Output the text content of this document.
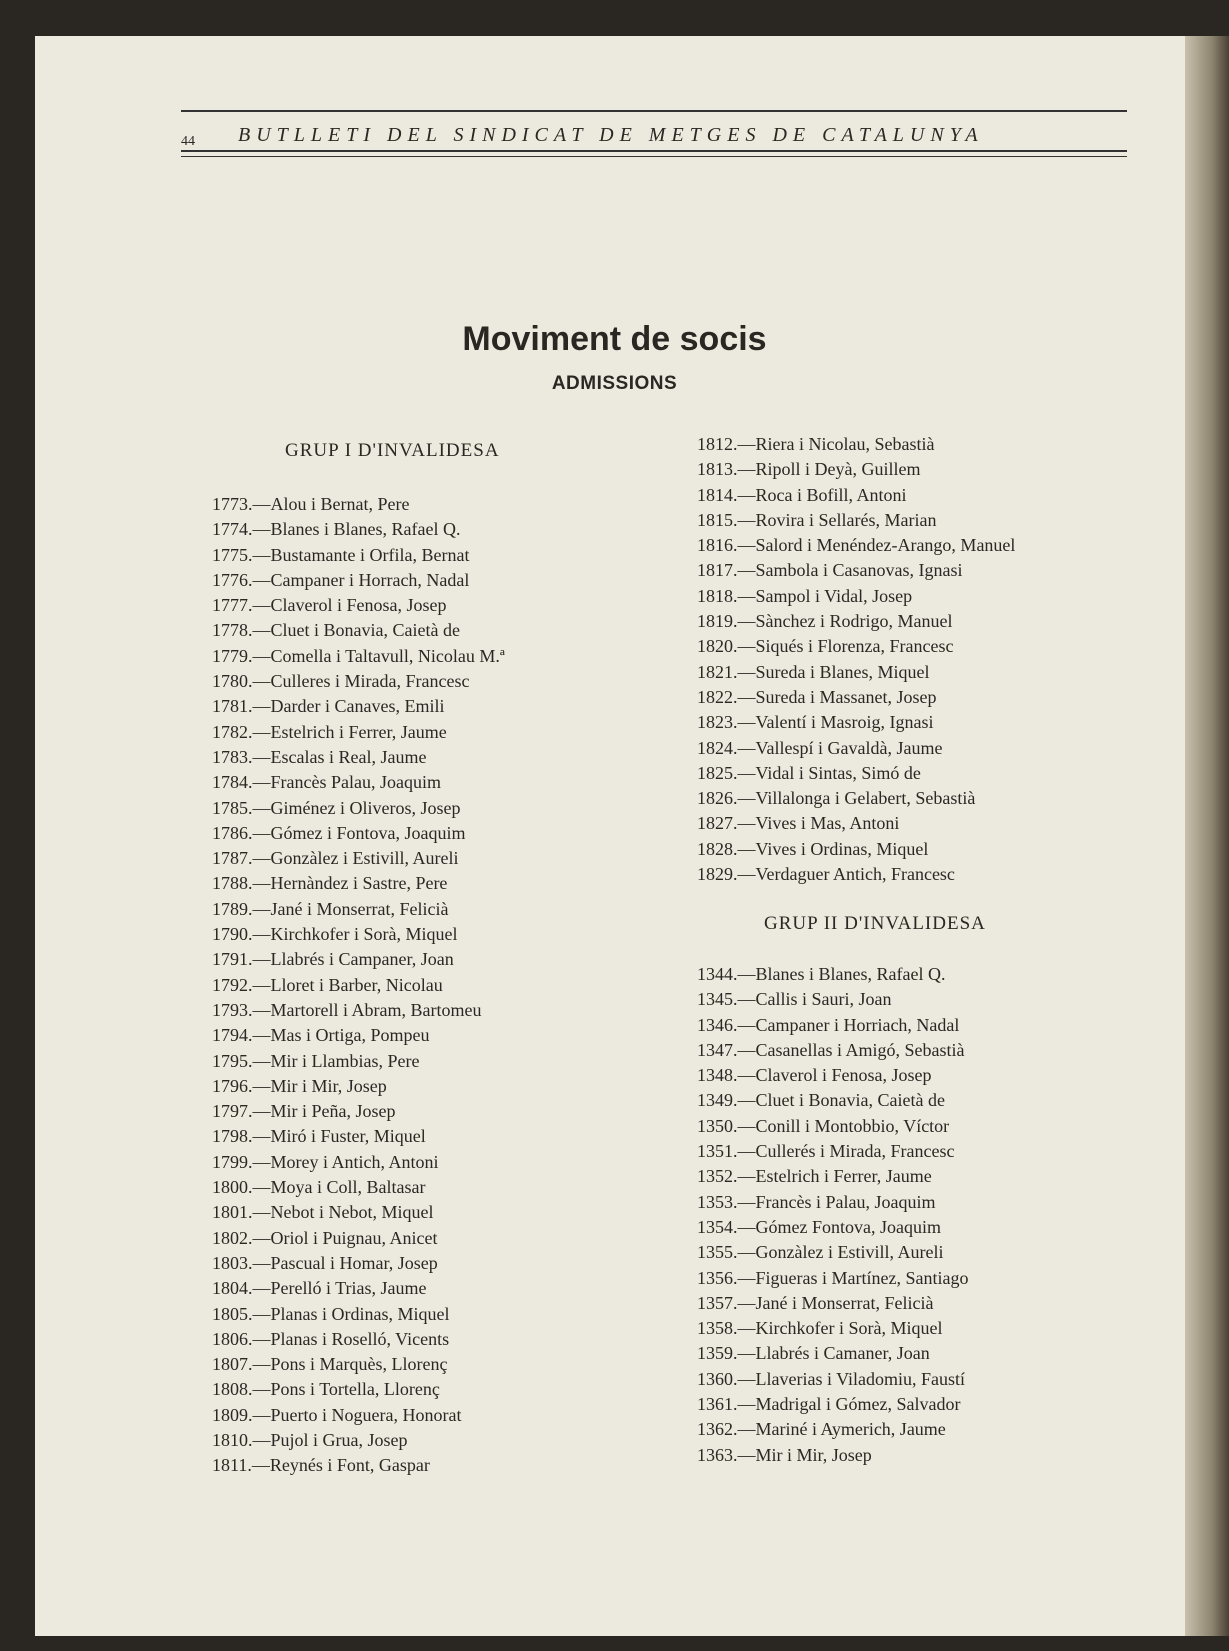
44 BUTLLETI DEL SINDICAT DE METGES DE CATALUNYA
Moviment de socis
ADMISSIONS
GRUP I D'INVALIDESA
1773.—Alou i Bernat, Pere
1774.—Blanes i Blanes, Rafael Q.
1775.—Bustamante i Orfila, Bernat
1776.—Campaner i Horrach, Nadal
1777.—Claverol i Fenosa, Josep
1778.—Cluet i Bonavia, Caietà de
1779.—Comella i Taltavull, Nicolau M.ª
1780.—Culleres i Mirada, Francesc
1781.—Darder i Canaves, Emili
1782.—Estelrich i Ferrer, Jaume
1783.—Escalas i Real, Jaume
1784.—Francès Palau, Joaquim
1785.—Giménez i Oliveros, Josep
1786.—Gómez i Fontova, Joaquim
1787.—Gonzàlez i Estivill, Aureli
1788.—Hernàndez i Sastre, Pere
1789.—Jané i Monserrat, Felicià
1790.—Kirchkofer i Sorà, Miquel
1791.—Llabrés i Campaner, Joan
1792.—Lloret i Barber, Nicolau
1793.—Martorell i Abram, Bartomeu
1794.—Mas i Ortiga, Pompeu
1795.—Mir i Llambias, Pere
1796.—Mir i Mir, Josep
1797.—Mir i Peña, Josep
1798.—Miró i Fuster, Miquel
1799.—Morey i Antich, Antoni
1800.—Moya i Coll, Baltasar
1801.—Nebot i Nebot, Miquel
1802.—Oriol i Puignau, Anicet
1803.—Pascual i Homar, Josep
1804.—Perelló i Trias, Jaume
1805.—Planas i Ordinas, Miquel
1806.—Planas i Roselló, Vicents
1807.—Pons i Marquès, Llorenç
1808.—Pons i Tortella, Llorenç
1809.—Puerto i Noguera, Honorat
1810.—Pujol i Grua, Josep
1811.—Reynés i Font, Gaspar
1812.—Riera i Nicolau, Sebastià
1813.—Ripoll i Deyà, Guillem
1814.—Roca i Bofill, Antoni
1815.—Rovira i Sellarés, Marian
1816.—Salord i Menéndez-Arango, Manuel
1817.—Sambola i Casanovas, Ignasi
1818.—Sampol i Vidal, Josep
1819.—Sànchez i Rodrigo, Manuel
1820.—Siqués i Florenza, Francesc
1821.—Sureda i Blanes, Miquel
1822.—Sureda i Massanet, Josep
1823.—Valentí i Masroig, Ignasi
1824.—Vallespí i Gavaldà, Jaume
1825.—Vidal i Sintas, Simó de
1826.—Villalonga i Gelabert, Sebastià
1827.—Vives i Mas, Antoni
1828.—Vives i Ordinas, Miquel
1829.—Verdaguer Antich, Francesc
GRUP II D'INVALIDESA
1344.—Blanes i Blanes, Rafael Q.
1345.—Callis i Sauri, Joan
1346.—Campaner i Horriach, Nadal
1347.—Casanellas i Amigó, Sebastià
1348.—Claverol i Fenosa, Josep
1349.—Cluet i Bonavia, Caietà de
1350.—Conill i Montobbio, Víctor
1351.—Cullerés i Mirada, Francesc
1352.—Estelrich i Ferrer, Jaume
1353.—Francès i Palau, Joaquim
1354.—Gómez Fontova, Joaquim
1355.—Gonzàlez i Estivill, Aureli
1356.—Figueras i Martínez, Santiago
1357.—Jané i Monserrat, Felicià
1358.—Kirchkofer i Sorà, Miquel
1359.—Llabrés i Camaner, Joan
1360.—Llaverias i Viladomiu, Faustí
1361.—Madrigal i Gómez, Salvador
1362.—Mariné i Aymerich, Jaume
1363.—Mir i Mir, Josep
